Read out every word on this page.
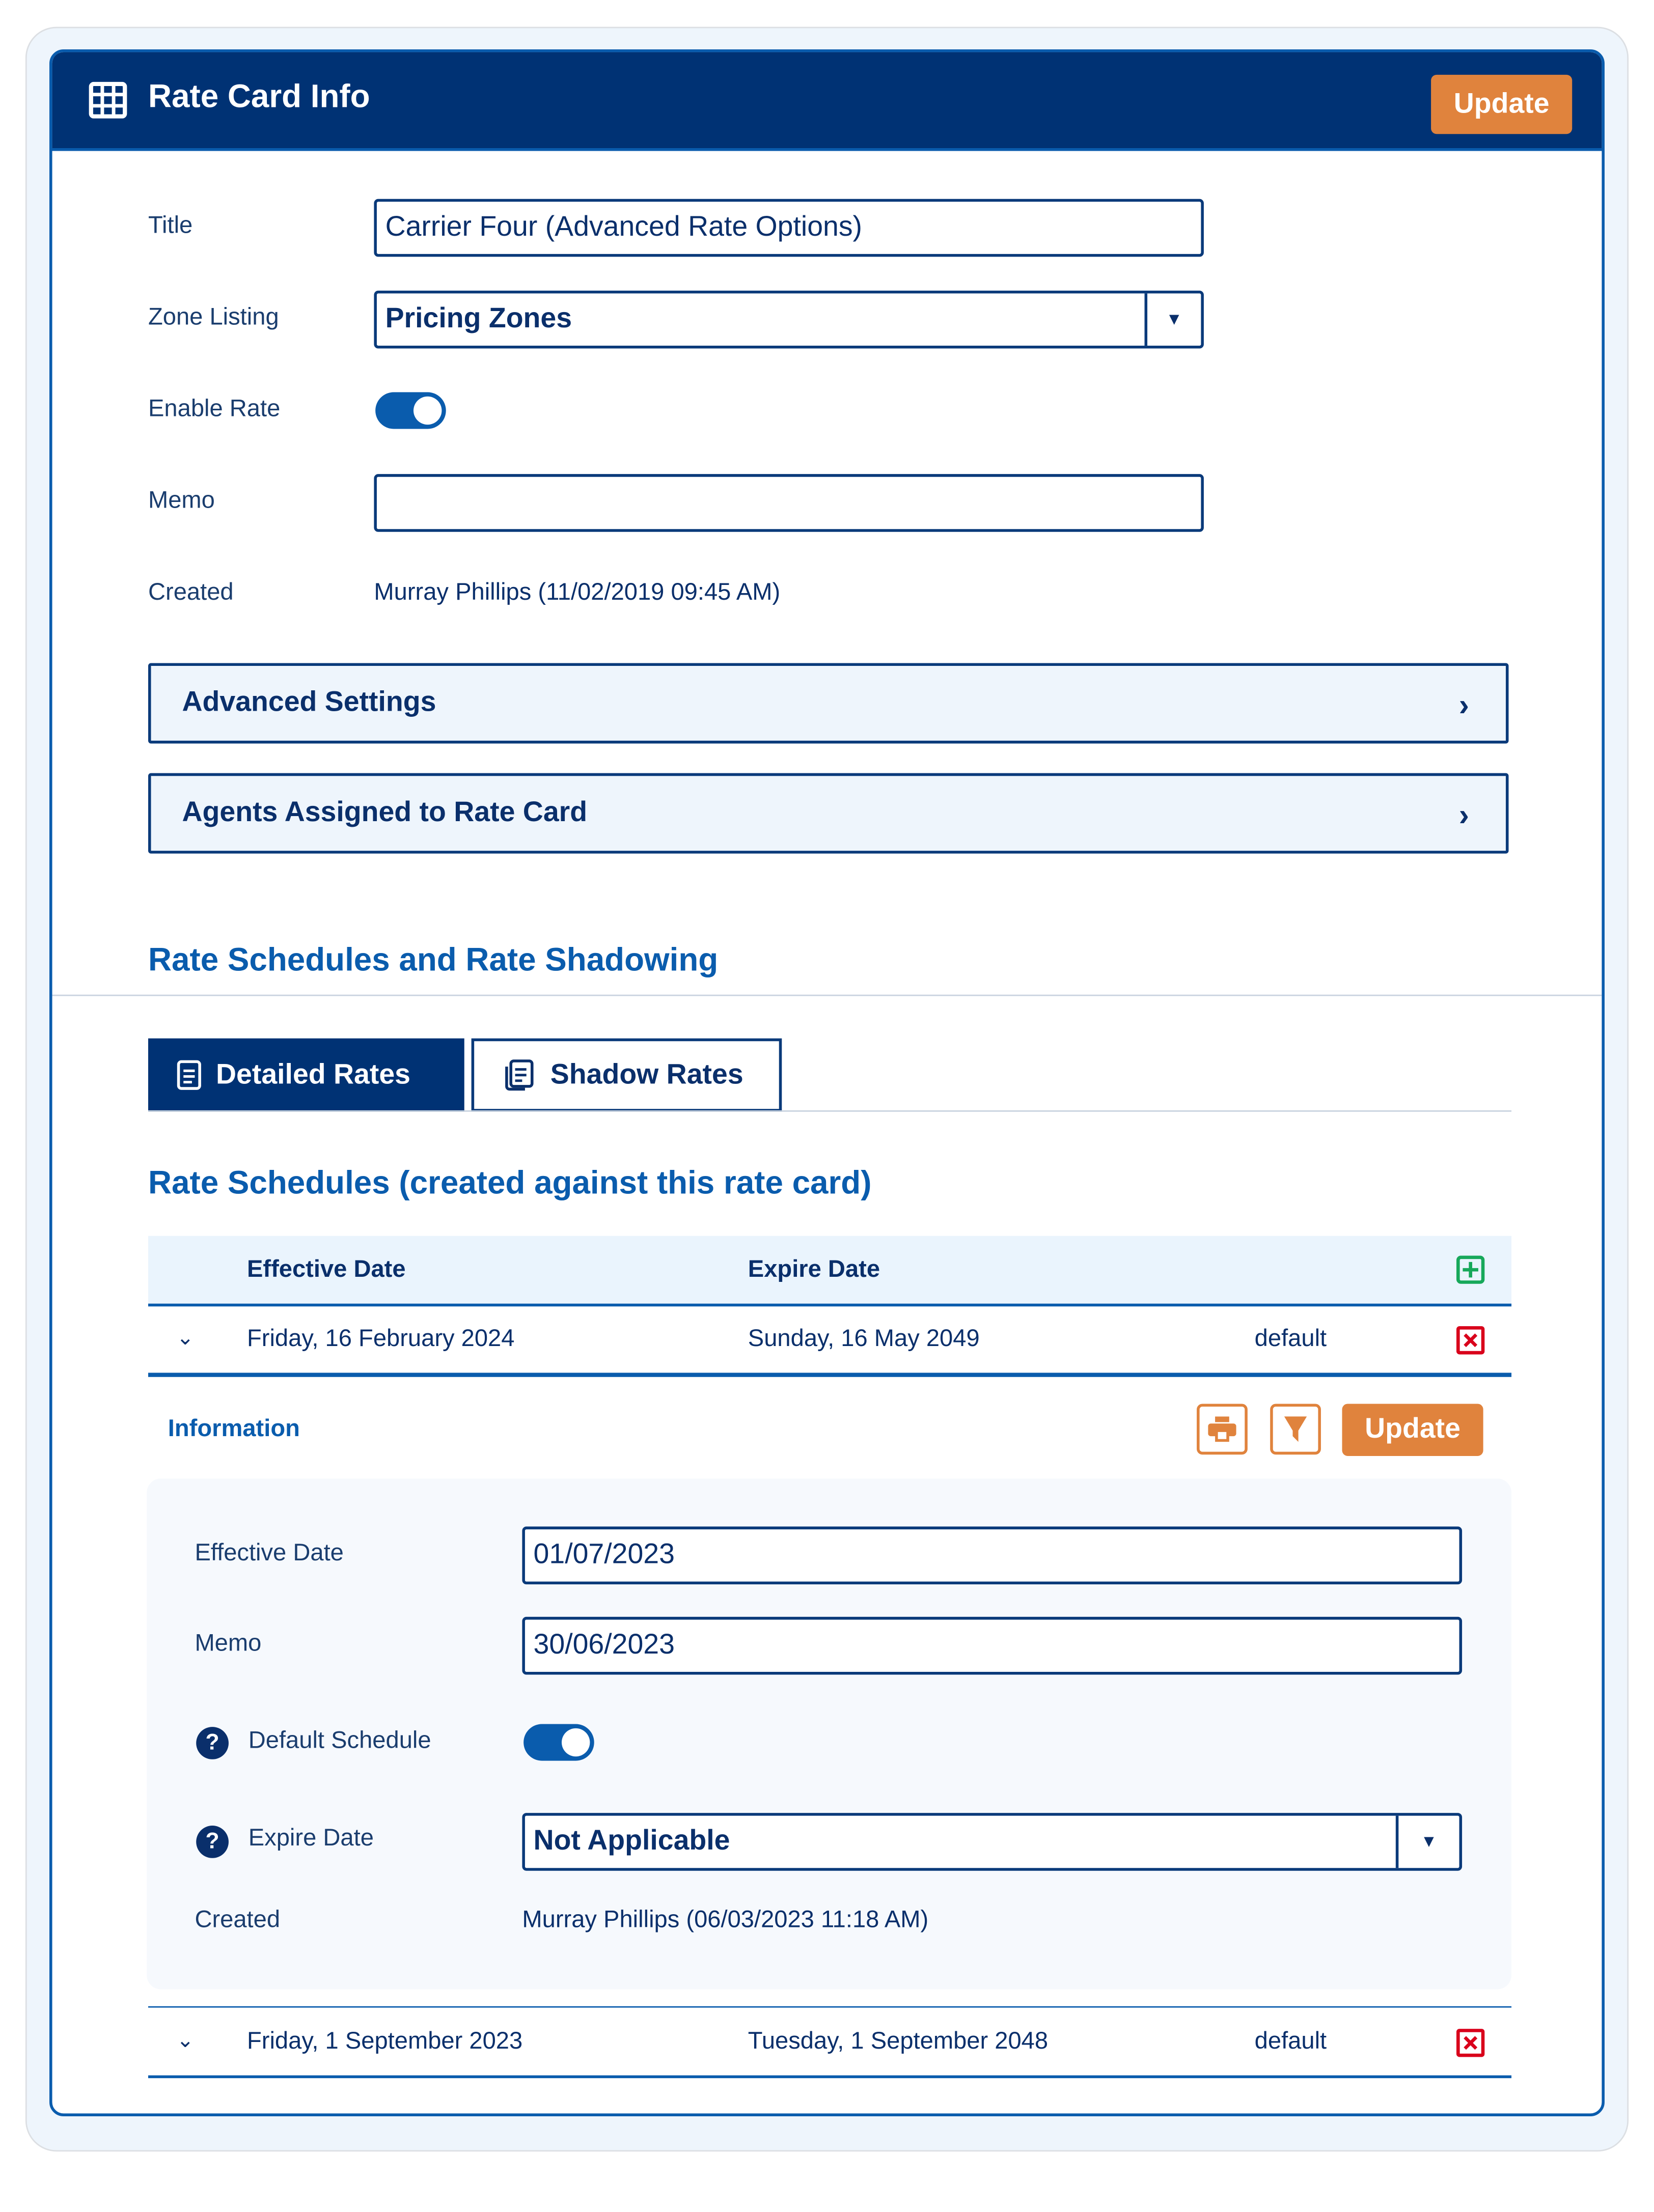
Rate Card Info	Update
Title	Carrier Four (Advanced Rate Options)
Zone Listing	Pricing Zones	▼
Enable Rate
Memo
Created	Murray Phillips (11/02/2019 09:45 AM)
Advanced Settings	›
Agents Assigned to Rate Card	›
Rate Schedules and Rate Shadowing
Detailed Rates	Shadow Rates
Rate Schedules (created against this rate card)
Effective Date	Expire Date
⌄	Friday, 16 February 2024	Sunday, 16 May 2049	default
Information	Update
Effective Date	01/07/2023
Memo	30/06/2023
?	Default Schedule
?	Expire Date	Not Applicable	▼
Created	Murray Phillips (06/03/2023 11:18 AM)
⌄	Friday, 1 September 2023	Tuesday, 1 September 2048	default
